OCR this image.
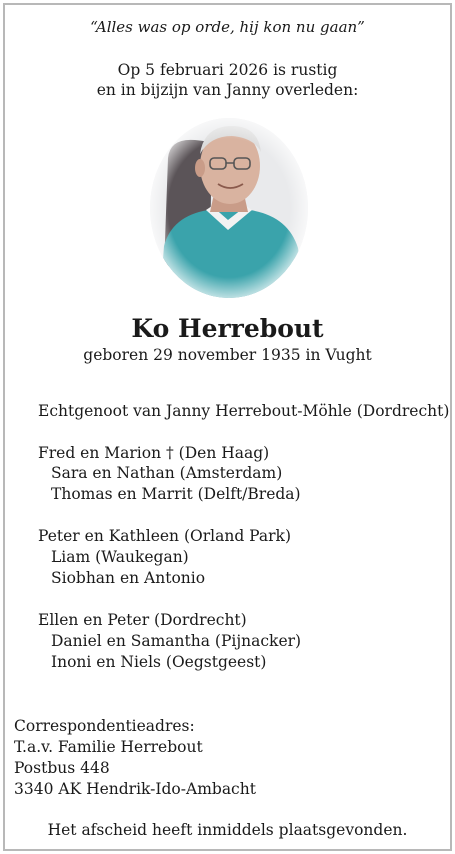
“Alles was op orde, hij kon nu gaan”

Op 5 februari 2026 is rustig

en in bijzijn van Janny overleden:

Ko Herrebout

geboren 29 november 1935 in Vught

Echtgenoot van Janny Herrebout-Möhle (Dordrecht)

Fred en Marion † (Den Haag)

Sara en Nathan (Amsterdam)

Thomas en Marrit (Delft/Breda)

Peter en Kathleen (Orland Park)

Liam (Waukegan)

Siobhan en Antonio

Ellen en Peter (Dordrecht)

Daniel en Samantha (Pijnacker)

Inoni en Niels (Oegstgeest)

Correspondentieadres:

T.a.v. Familie Herrebout

Postbus 448

3340 AK Hendrik-Ido-Ambacht

Het afscheid heeft inmiddels plaatsgevonden.
